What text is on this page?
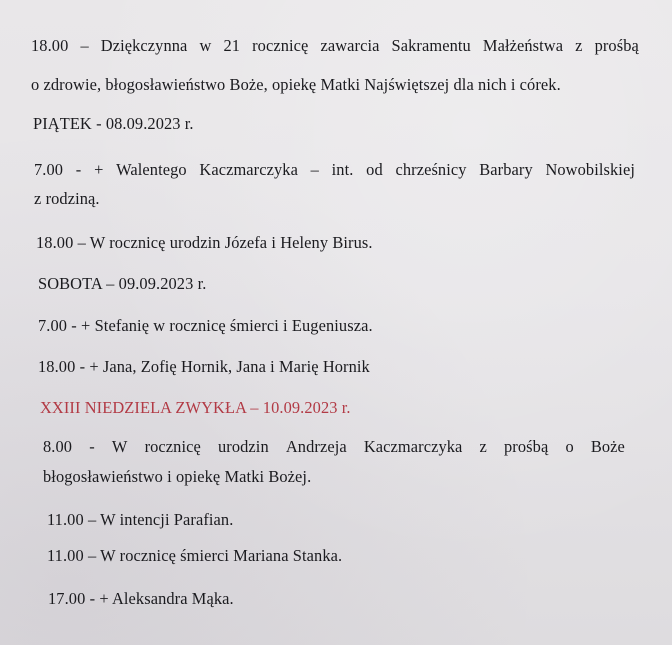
18.00 – Dziękczynna w 21 rocznicę zawarcia Sakramentu Małżeństwa z prośbą
o zdrowie, błogosławieństwo Boże, opiekę Matki Najświętszej dla nich i córek.
PIĄTEK - 08.09.2023 r.
7.00 - + Walentego Kaczmarczyka – int. od chrześnicy Barbary Nowobilskiej
z rodziną.
18.00 – W rocznicę urodzin Józefa i Heleny Birus.
SOBOTA – 09.09.2023 r.
7.00 - + Stefanię w rocznicę śmierci i Eugeniusza.
18.00 - + Jana, Zofię Hornik, Jana i Marię Hornik
XXIII NIEDZIELA ZWYKŁA – 10.09.2023 r.
8.00 - W rocznicę urodzin Andrzeja Kaczmarczyka z prośbą o Boże
błogosławieństwo i opiekę Matki Bożej.
11.00 – W intencji Parafian.
11.00 – W rocznicę śmierci Mariana Stanka.
17.00 - + Aleksandra Mąka.
